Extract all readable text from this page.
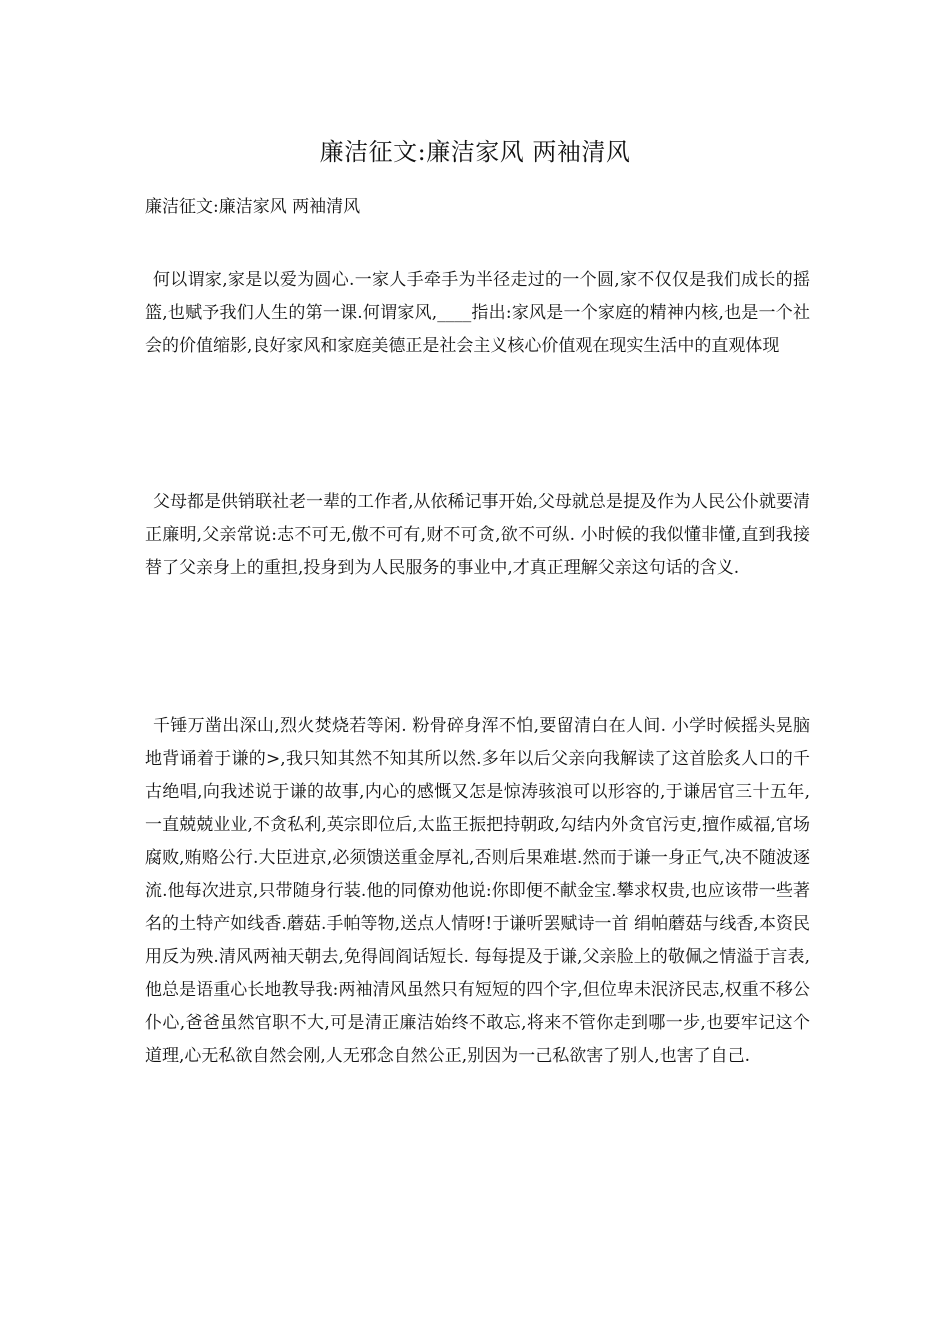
廉洁征文:廉洁家风 两袖清风
廉洁征文:廉洁家风 两袖清风

何以谓家,家是以爱为圆心.一家人手牵手为半径走过的一个圆,家不仅仅是我们成长的摇篮,也赋予我们人生的第一课.何谓家风,____指出:家风是一个家庭的精神内核,也是一个社会的价值缩影,良好家风和家庭美德正是社会主义核心价值观在现实生活中的直观体现

父母都是供销联社老一辈的工作者,从依稀记事开始,父母就总是提及作为人民公仆就要清正廉明,父亲常说:志不可无,傲不可有,财不可贪,欲不可纵. 小时候的我似懂非懂,直到我接替了父亲身上的重担,投身到为人民服务的事业中,才真正理解父亲这句话的含义.

千锤万凿出深山,烈火焚烧若等闲. 粉骨碎身浑不怕,要留清白在人间. 小学时候摇头晃脑地背诵着于谦的>,我只知其然不知其所以然.多年以后父亲向我解读了这首脍炙人口的千古绝唱,向我述说于谦的故事,内心的感慨又怎是惊涛骇浪可以形容的,于谦居官三十五年,一直兢兢业业,不贪私利,英宗即位后,太监王振把持朝政,勾结内外贪官污吏,擅作威福,官场腐败,贿赂公行.大臣进京,必须馈送重金厚礼,否则后果难堪.然而于谦一身正气,决不随波逐流.他每次进京,只带随身行装.他的同僚劝他说:你即便不献金宝.攀求权贵,也应该带一些著名的土特产如线香.蘑菇.手帕等物,送点人情呀!于谦听罢赋诗一首 绢帕蘑菇与线香,本资民用反为殃.清风两袖天朝去,免得闾阎话短长. 每每提及于谦,父亲脸上的敬佩之情溢于言表,他总是语重心长地教导我:两袖清风虽然只有短短的四个字,但位卑未泯济民志,权重不移公仆心,爸爸虽然官职不大,可是清正廉洁始终不敢忘,将来不管你走到哪一步,也要牢记这个道理,心无私欲自然会刚,人无邪念自然公正,别因为一己私欲害了别人,也害了自己.
